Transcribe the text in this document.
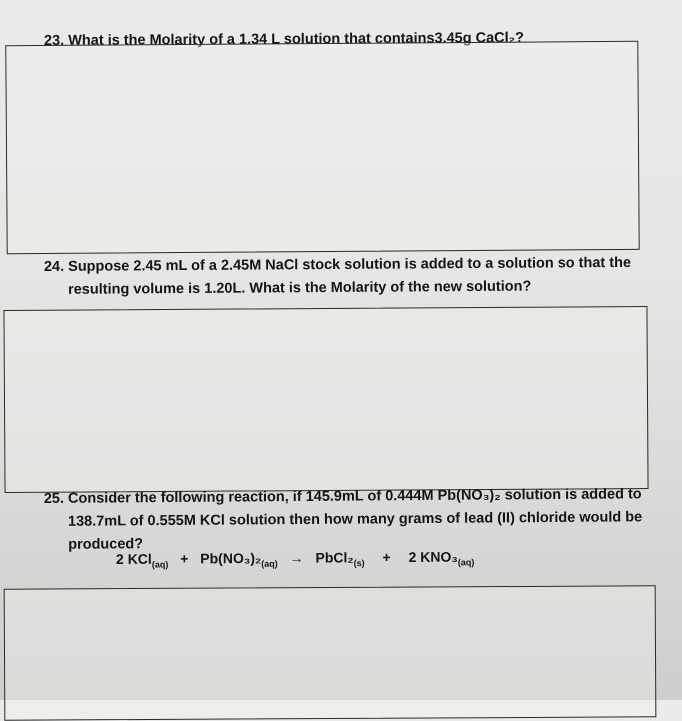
23. What is the Molarity of a 1.34 L solution that contains3.45g CaCl₂?

24. Suppose 2.45 mL of a 2.45M NaCl stock solution is added to a solution so that the
resulting volume is 1.20L. What is the Molarity of the new solution?
25. Consider the following reaction, if 145.9mL of 0.444M Pb(NO₃)₂ solution is added to
138.7mL of 0.555M KCl solution then how many grams of lead (II) chloride would be
produced?
2 $KCl_{(aq)} + Pb(NO_3)_2_{(aq)}$ → $PbCl_2_{(s)} + 2$ $KNO_3_{(aq)}$
